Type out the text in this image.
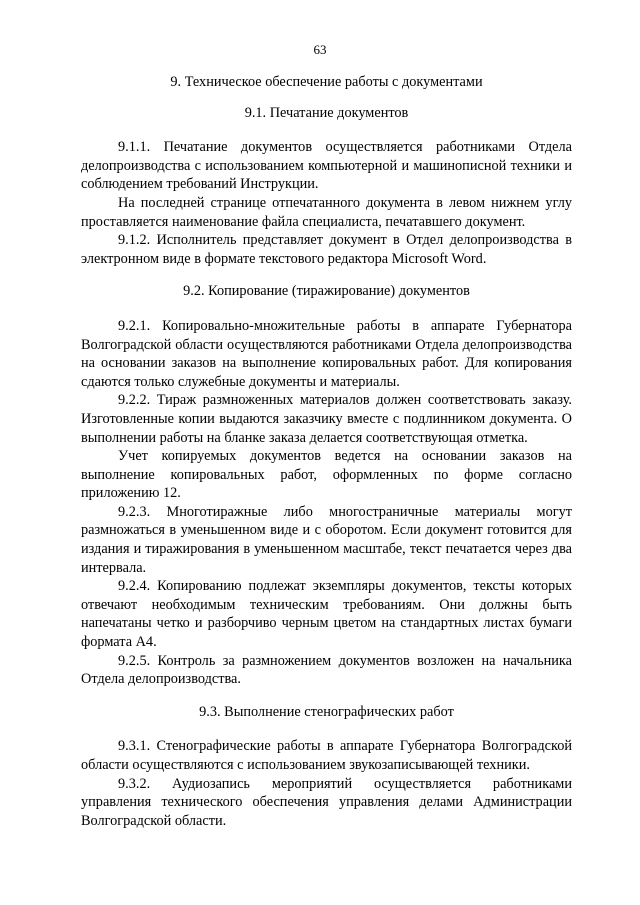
63

9. Техническое обеспечение работы с документами

9.1. Печатание документов

9.1.1. Печатание документов осуществляется работниками Отдела делопроизводства с использованием компьютерной и машинописной техники и соблюдением требований Инструкции.

На последней странице отпечатанного документа в левом нижнем углу проставляется наименование файла специалиста, печатавшего документ.

9.1.2. Исполнитель представляет документ в Отдел делопроизводства в электронном виде в формате текстового редактора Microsoft Word.

9.2. Копирование (тиражирование) документов

9.2.1. Копировально-множительные работы в аппарате Губернатора Волгоградской области осуществляются работниками Отдела делопроизводства на основании заказов на выполнение копировальных работ. Для копирования сдаются только служебные документы и материалы.

9.2.2. Тираж размноженных материалов должен соответствовать заказу. Изготовленные копии выдаются заказчику вместе с подлинником документа. О выполнении работы на бланке заказа делается соответствующая отметка.

Учет копируемых документов ведется на основании заказов на выполнение копировальных работ, оформленных по форме согласно приложению 12.

9.2.3. Многотиражные либо многостраничные материалы могут размножаться в уменьшенном виде и с оборотом. Если документ готовится для издания и тиражирования в уменьшенном масштабе, текст печатается через два интервала.

9.2.4. Копированию подлежат экземпляры документов, тексты которых отвечают необходимым техническим требованиям. Они должны быть напечатаны четко и разборчиво черным цветом на стандартных листах бумаги формата А4.

9.2.5. Контроль за размножением документов возложен на начальника Отдела делопроизводства.

9.3. Выполнение стенографических работ

9.3.1. Стенографические работы в аппарате Губернатора Волгоградской области осуществляются с использованием звукозаписывающей техники.

9.3.2. Аудиозапись мероприятий осуществляется работниками управления технического обеспечения управления делами Администрации Волгоградской области.
